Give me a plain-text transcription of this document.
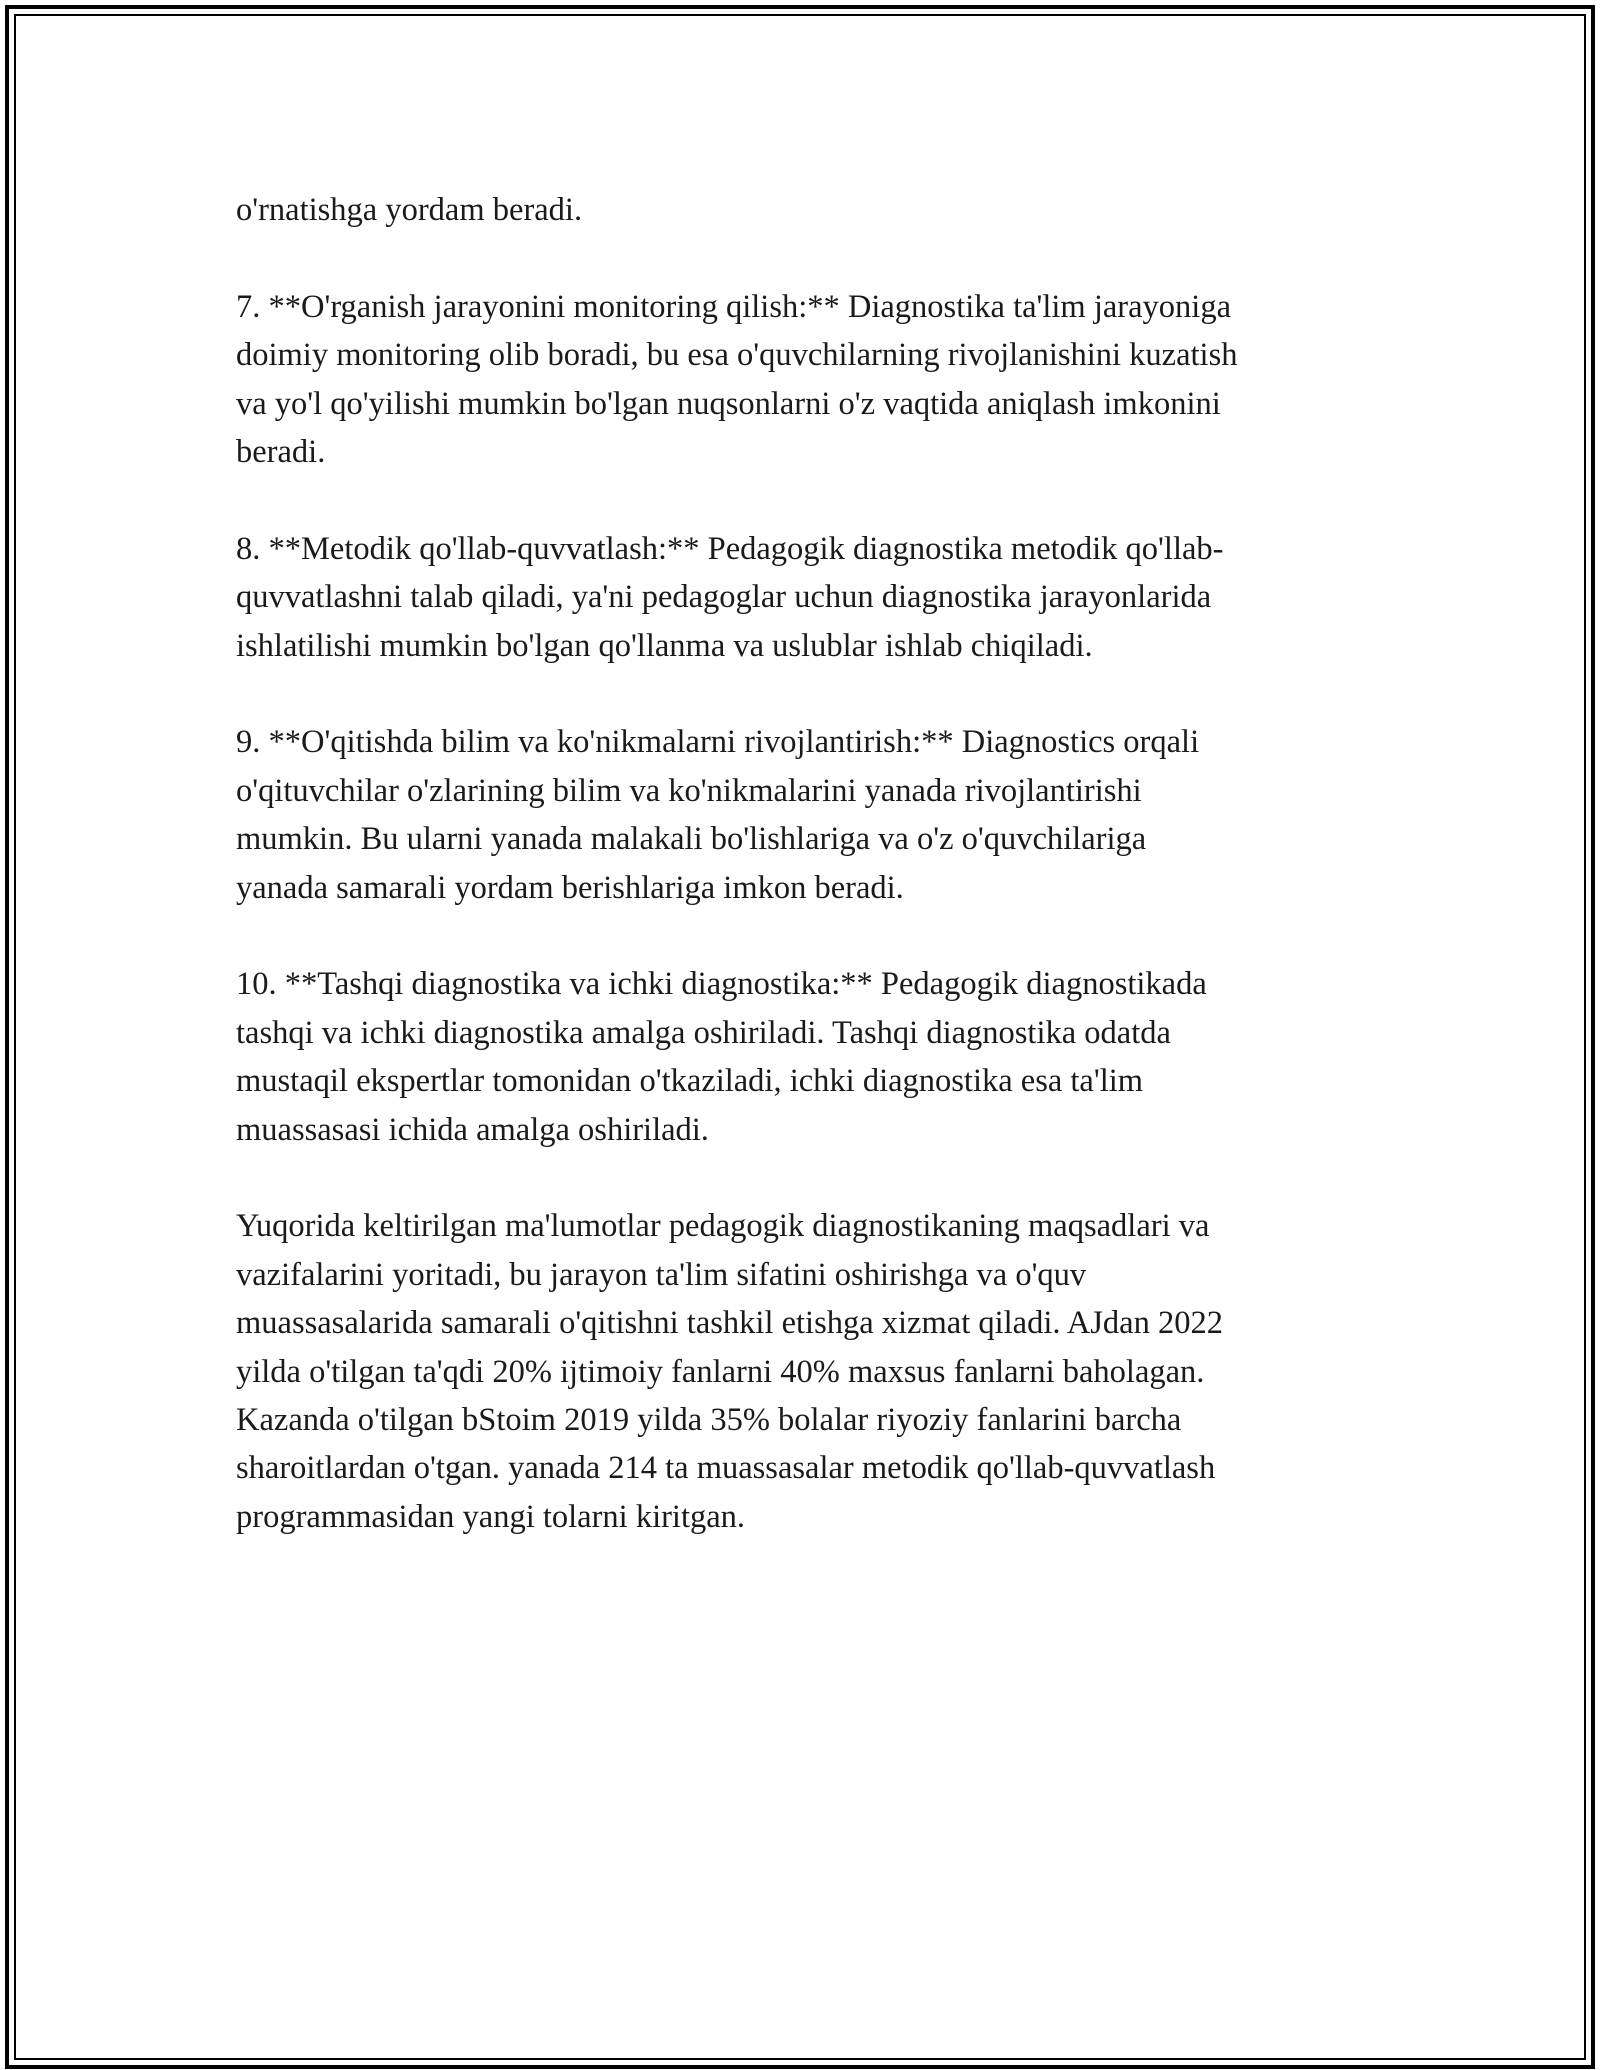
o'rnatishga yordam beradi.

7. **O'rganish jarayonini monitoring qilish:** Diagnostika ta'lim jarayoniga
doimiy monitoring olib boradi, bu esa o'quvchilarning rivojlanishini kuzatish
va yo'l qo'yilishi mumkin bo'lgan nuqsonlarni o'z vaqtida aniqlash imkonini
beradi.

8. **Metodik qo'llab-quvvatlash:** Pedagogik diagnostika metodik qo'llab-
quvvatlashni talab qiladi, ya'ni pedagoglar uchun diagnostika jarayonlarida
ishlatilishi mumkin bo'lgan qo'llanma va uslublar ishlab chiqiladi.

9. **O'qitishda bilim va ko'nikmalarni rivojlantirish:** Diagnostics orqali
o'qituvchilar o'zlarining bilim va ko'nikmalarini yanada rivojlantirishi
mumkin. Bu ularni yanada malakali bo'lishlariga va o'z o'quvchilariga
yanada samarali yordam berishlariga imkon beradi.

10. **Tashqi diagnostika va ichki diagnostika:** Pedagogik diagnostikada
tashqi va ichki diagnostika amalga oshiriladi. Tashqi diagnostika odatda
mustaqil ekspertlar tomonidan o'tkaziladi, ichki diagnostika esa ta'lim
muassasasi ichida amalga oshiriladi.

Yuqorida keltirilgan ma'lumotlar pedagogik diagnostikaning maqsadlari va
vazifalarini yoritadi, bu jarayon ta'lim sifatini oshirishga va o'quv
muassasalarida samarali o'qitishni tashkil etishga xizmat qiladi. AJdan 2022
yilda o'tilgan ta'qdi 20% ijtimoiy fanlarni 40% maxsus fanlarni baholagan.
Kazanda o'tilgan bStoim 2019 yilda 35% bolalar riyoziy fanlarini barcha
sharoitlardan o'tgan. yanada 214 ta muassasalar metodik qo'llab-quvvatlash
programmasidan yangi tolarni kiritgan.
